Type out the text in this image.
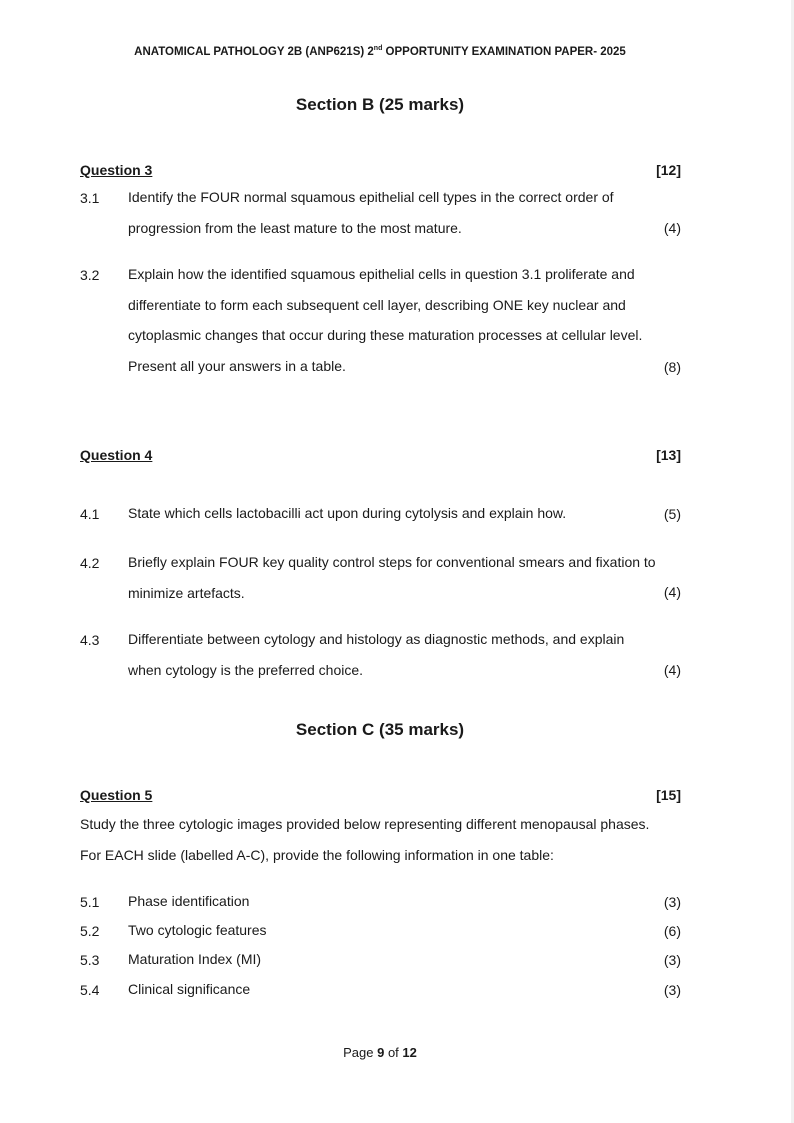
ANATOMICAL PATHOLOGY 2B (ANP621S) 2nd OPPORTUNITY EXAMINATION PAPER- 2025
Section B (25 marks)
Question 3	[12]
3.1 Identify the FOUR normal squamous epithelial cell types in the correct order of progression from the least mature to the most mature.	(4)
3.2 Explain how the identified squamous epithelial cells in question 3.1 proliferate and differentiate to form each subsequent cell layer, describing ONE key nuclear and cytoplasmic changes that occur during these maturation processes at cellular level. Present all your answers in a table.	(8)
Question 4	[13]
4.1 State which cells lactobacilli act upon during cytolysis and explain how.	(5)
4.2 Briefly explain FOUR key quality control steps for conventional smears and fixation to minimize artefacts.	(4)
4.3 Differentiate between cytology and histology as diagnostic methods, and explain when cytology is the preferred choice.	(4)
Section C (35 marks)
Question 5	[15]
Study the three cytologic images provided below representing different menopausal phases. For EACH slide (labelled A-C), provide the following information in one table:
5.1 Phase identification	(3)
5.2 Two cytologic features	(6)
5.3 Maturation Index (MI)	(3)
5.4 Clinical significance	(3)
Page 9 of 12
